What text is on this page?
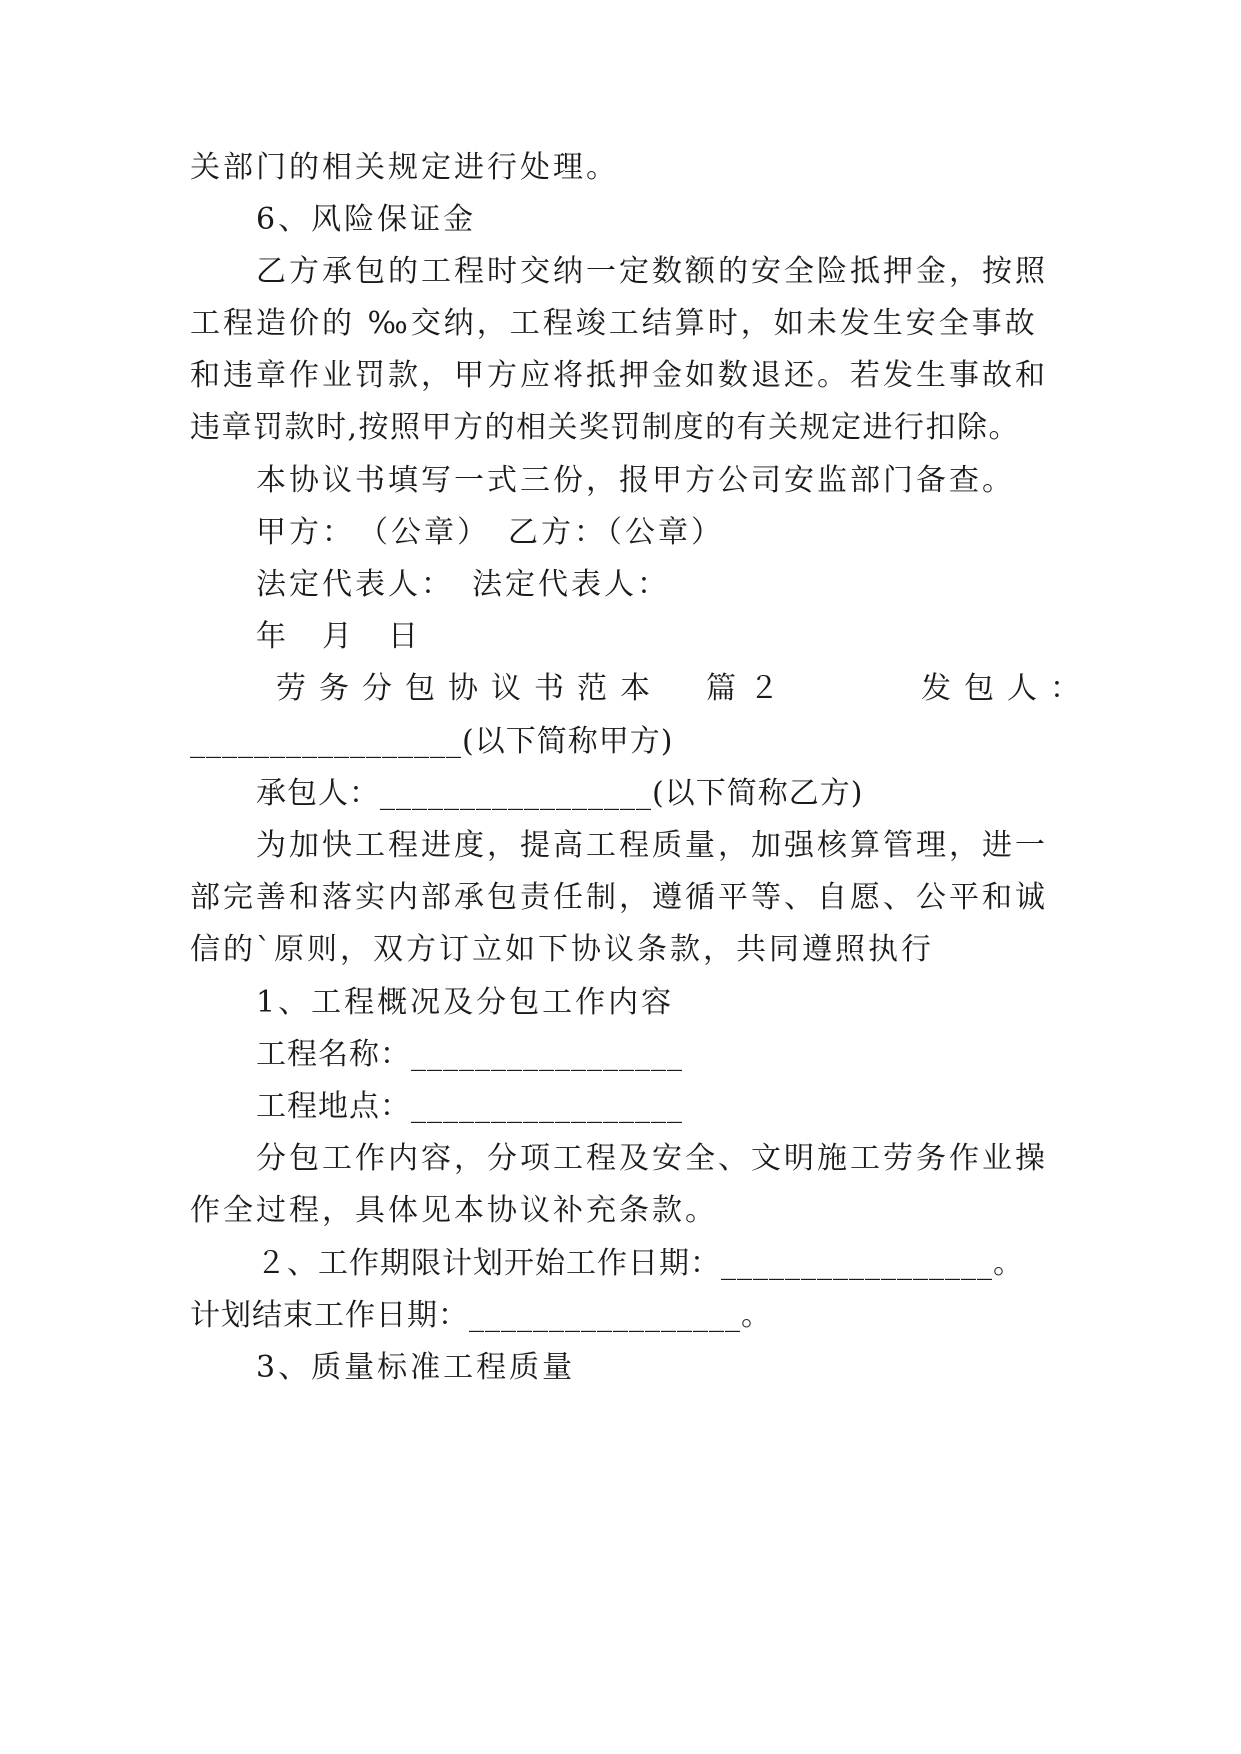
关部门的相关规定进行处理。
6、风险保证金
乙方承包的工程时交纳一定数额的安全险抵押金，按照
工程造价的 ‰交纳，工程竣工结算时，如未发生安全事故
和违章作业罚款，甲方应将抵押金如数退还。若发生事故和
违章罚款时,按照甲方的相关奖罚制度的有关规定进行扣除。
本协议书填写一式三份，报甲方公司安监部门备查。
甲方：　（公章）　乙方：（公章）
法定代表人：　法定代表人：
年　月　日
劳务分包协议书范本　篇２　　　发包人：
_________________(以下简称甲方)
承包人：_________________(以下简称乙方)
为加快工程进度，提高工程质量，加强核算管理，进一
部完善和落实内部承包责任制，遵循平等、自愿、公平和诚
信的`原则，双方订立如下协议条款，共同遵照执行
1、工程概况及分包工作内容
工程名称：_________________
工程地点：_________________
分包工作内容，分项工程及安全、文明施工劳务作业操
作全过程，具体见本协议补充条款。
２、工作期限计划开始工作日期：_________________。
计划结束工作日期：_________________。
3、质量标准工程质量
